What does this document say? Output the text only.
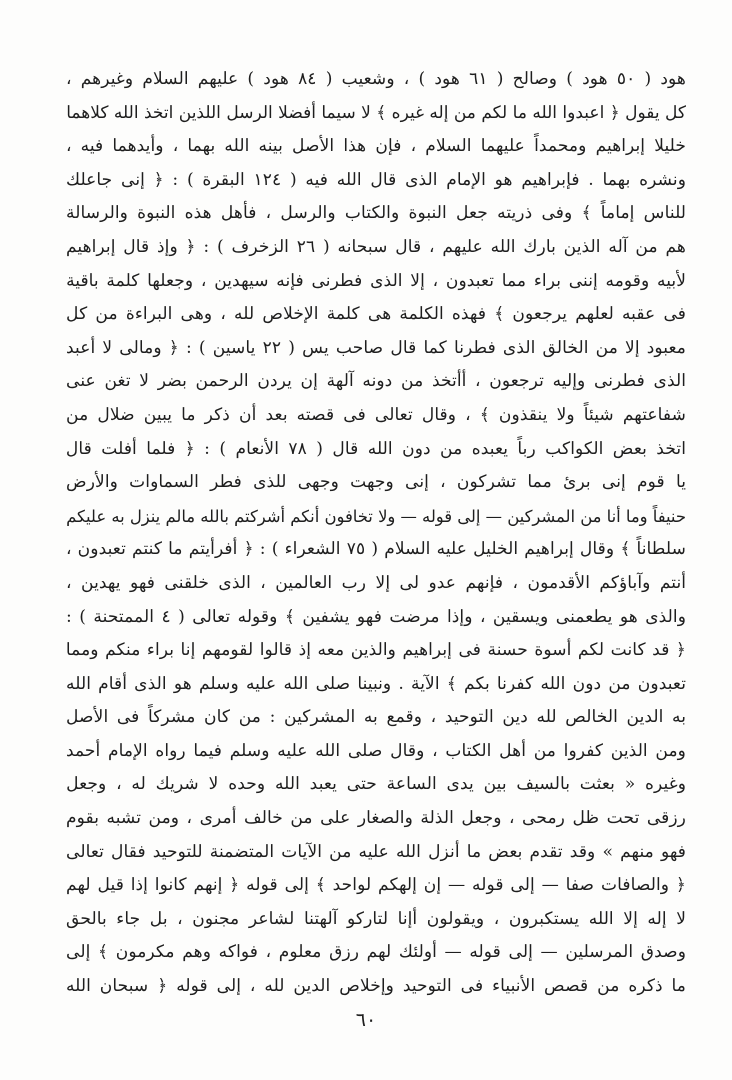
هود ( ٥٠ هود ) وصالح ( ٦١ هود ) ، وشعيب ( ٨٤ هود ) عليهم السلام وغيرهم ،
كل يقول ﴿ اعبدوا الله ما لكم من إله غيره ﴾ لا سيما أفضلا الرسل اللذين اتخذ الله كلاهما
خليلا إبراهيم ومحمداً عليهما السلام ، فإن هذا الأصل بينه الله بهما ، وأيدهما فيه ،
ونشره بهما . فإبراهيم هو الإمام الذى قال الله فيه ( ١٢٤ البقرة ) : ﴿ إنى جاعلك
للناس إماماً ﴾ وفى ذريته جعل النبوة والكتاب والرسل ، فأهل هذه النبوة والرسالة
هم من آله الذين بارك الله عليهم ، قال سبحانه ( ٢٦ الزخرف ) : ﴿ وإذ قال إبراهيم
لأبيه وقومه إننى براء مما تعبدون ، إلا الذى فطرنى فإنه سيهدين ، وجعلها كلمة باقية
فى عقبه لعلهم يرجعون ﴾ فهذه الكلمة هى كلمة الإخلاص لله ، وهى البراءة من كل
معبود إلا من الخالق الذى فطرنا كما قال صاحب يس ( ٢٢ ياسين ) : ﴿ ومالى لا أعبد
الذى فطرنى وإليه ترجعون ، أأتخذ من دونه آلهة إن يردن الرحمن بضر لا تغن عنى
شفاعتهم شيئاً ولا ينقذون ﴾ ، وقال تعالى فى قصته بعد أن ذكر ما يبين ضلال من
اتخذ بعض الكواكب رباً يعبده من دون الله قال ( ٧٨ الأنعام ) : ﴿ فلما أفلت قال
يا قوم إنى برئ مما تشركون ، إنى وجهت وجهى للذى فطر السماوات والأرض
حنيفاً وما أنا من المشركين — إلى قوله — ولا تخافون أنكم أشركتم بالله مالم ينزل به عليكم
سلطاناً ﴾ وقال إبراهيم الخليل عليه السلام ( ٧٥ الشعراء ) : ﴿ أفرأيتم ما كنتم تعبدون ،
أنتم وآباؤكم الأقدمون ، فإنهم عدو لى إلا رب العالمين ، الذى خلقنى فهو يهدين ،
والذى هو يطعمنى ويسقين ، وإذا مرضت فهو يشفين ﴾ وقوله تعالى ( ٤ الممتحنة ) :
﴿ قد كانت لكم أسوة حسنة فى إبراهيم والذين معه إذ قالوا لقومهم إنا براء منكم ومما
تعبدون من دون الله كفرنا بكم ﴾ الآية . ونبينا صلى الله عليه وسلم هو الذى أقام الله
به الدين الخالص لله دين التوحيد ، وقمع به المشركين : من كان مشركاً فى الأصل
ومن الذين كفروا من أهل الكتاب ، وقال صلى الله عليه وسلم فيما رواه الإمام أحمد
وغيره « بعثت بالسيف بين يدى الساعة حتى يعبد الله وحده لا شريك له ، وجعل
رزقى تحت ظل رمحى ، وجعل الذلة والصغار على من خالف أمرى ، ومن تشبه بقوم
فهو منهم » وقد تقدم بعض ما أنزل الله عليه من الآيات المتضمنة للتوحيد فقال تعالى
﴿ والصافات صفا — إلى قوله — إن إلهكم لواحد ﴾ إلى قوله ﴿ إنهم كانوا إذا قيل لهم
لا إله إلا الله يستكبرون ، ويقولون أإنا لتاركو آلهتنا لشاعر مجنون ، بل جاء بالحق
وصدق المرسلين — إلى قوله — أولئك لهم رزق معلوم ، فواكه وهم مكرمون ﴾ إلى
ما ذكره من قصص الأنبياء فى التوحيد وإخلاص الدين لله ، إلى قوله ﴿ سبحان الله
٦٠
